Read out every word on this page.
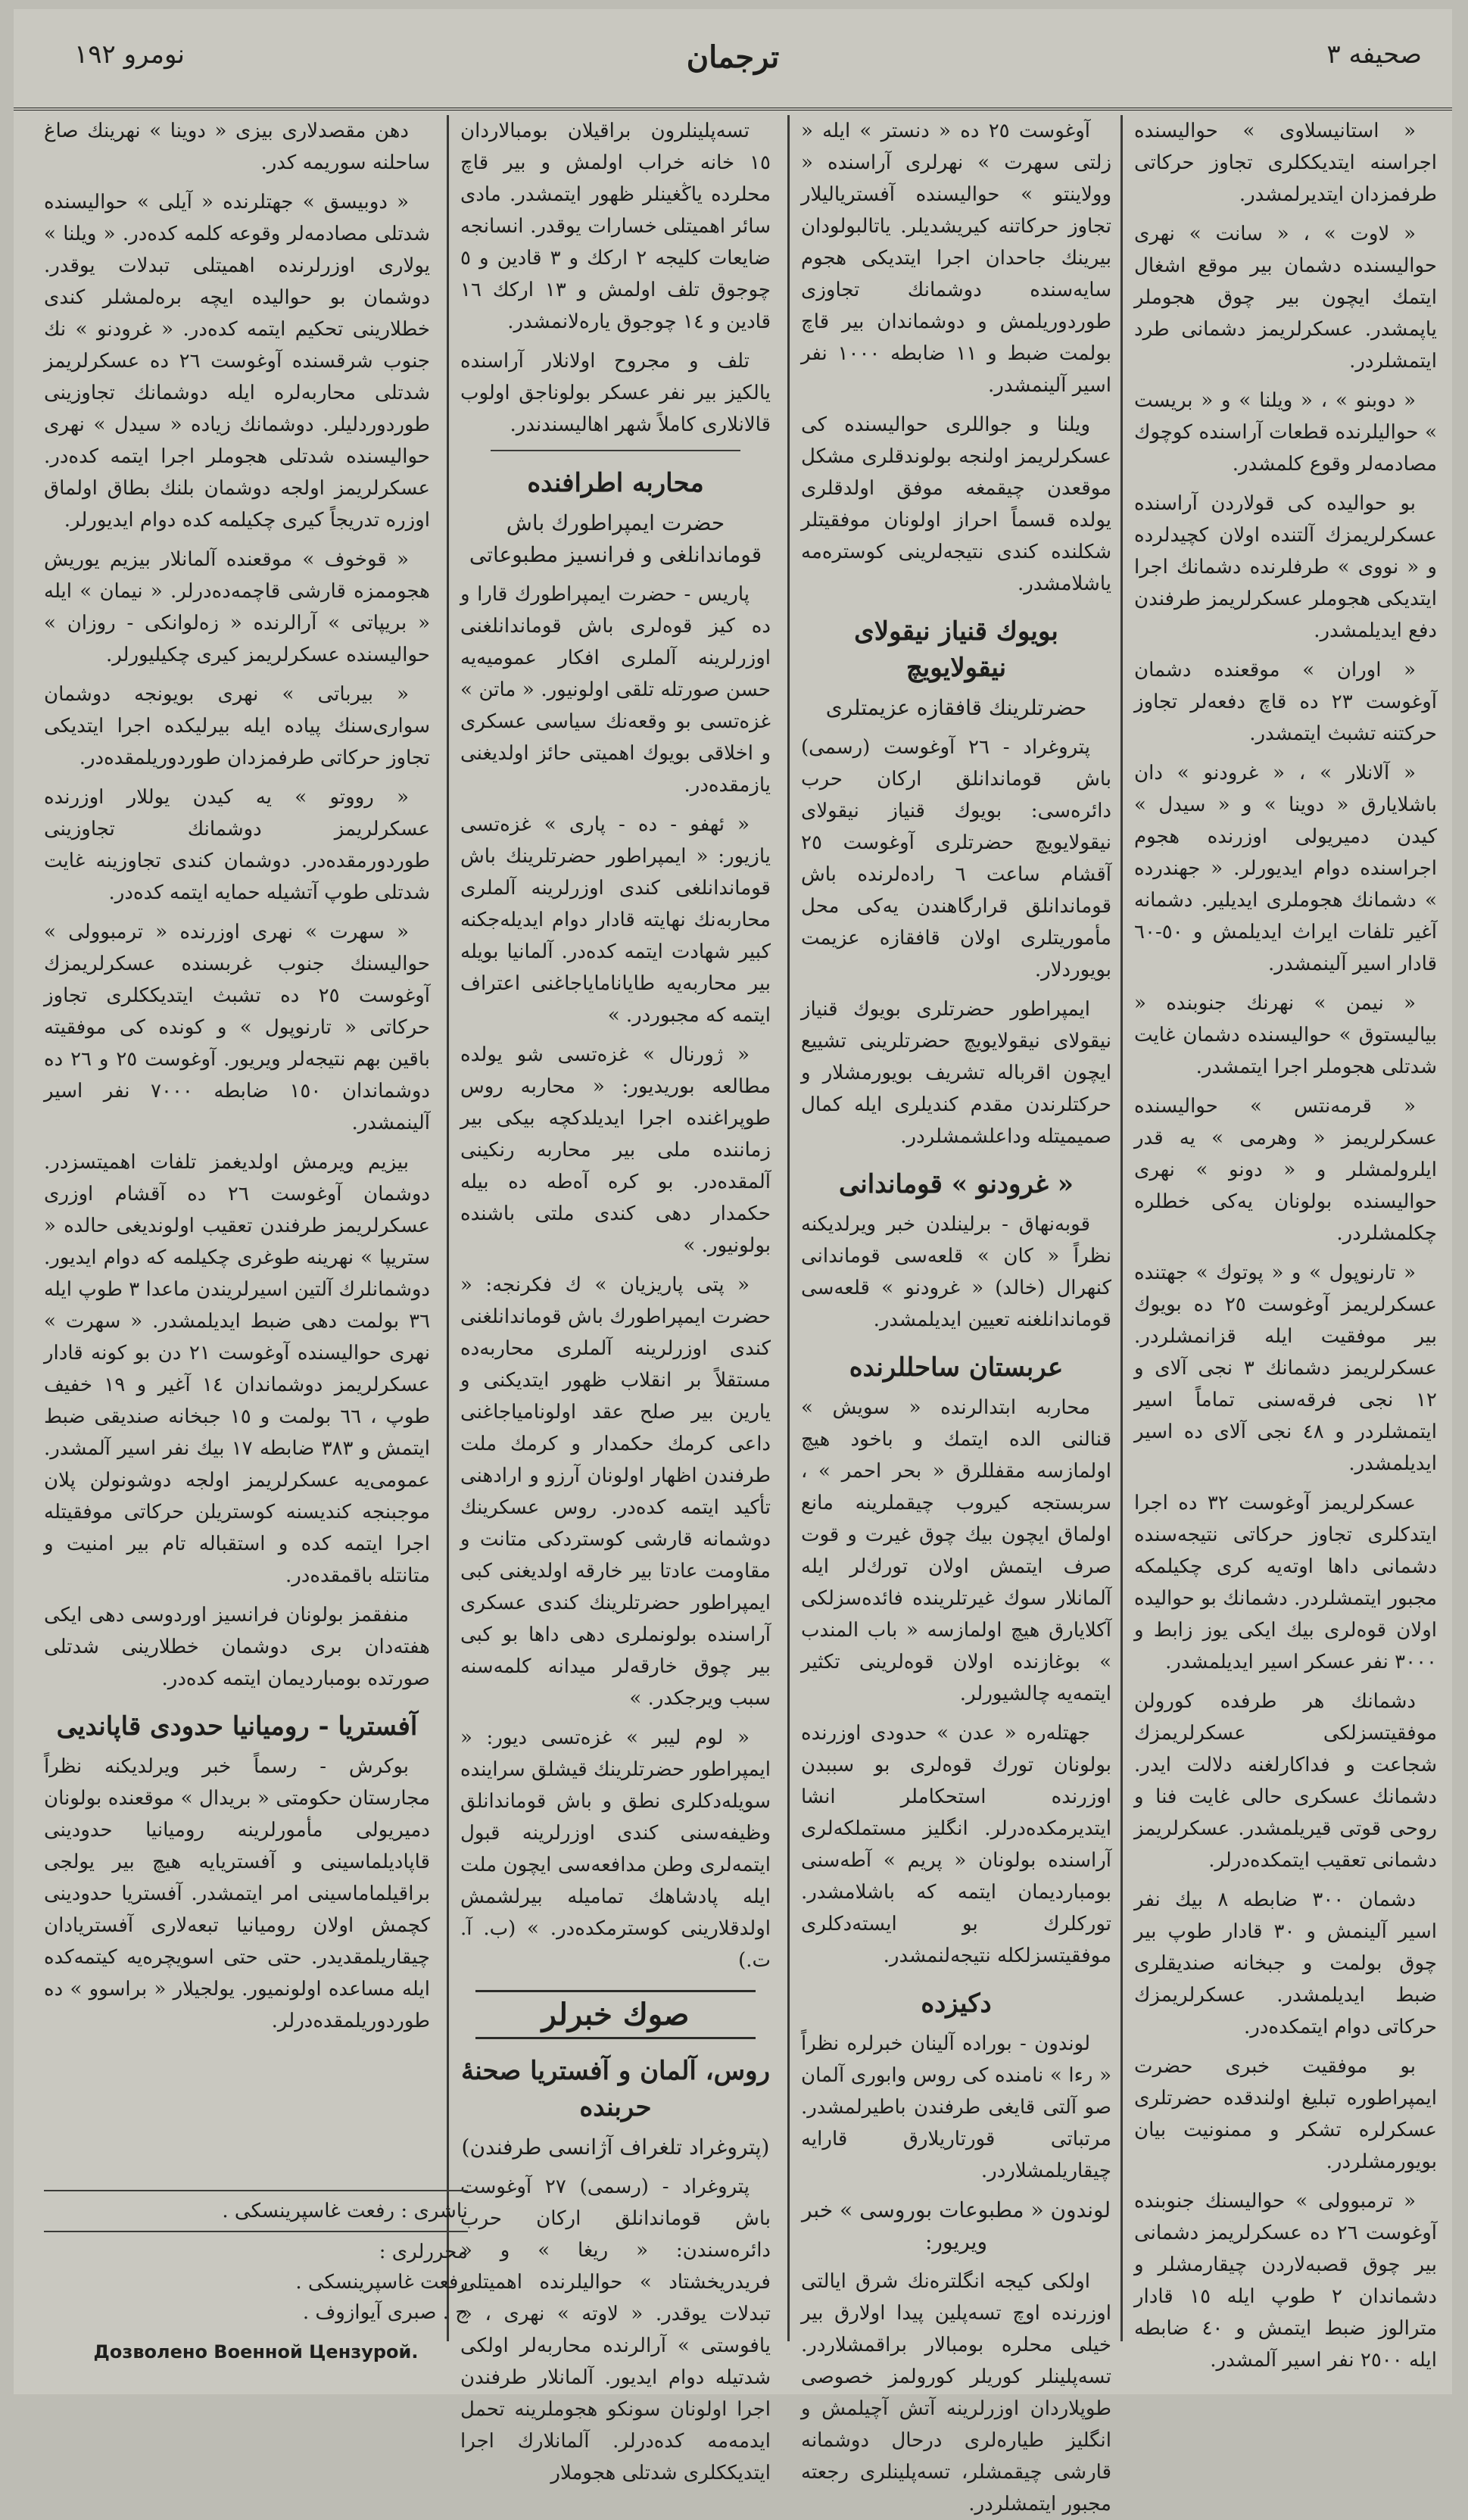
صحيفه ٣
ترجمان
نومرو ١٩٢

« استانيسلاوى » حواليسنده اجراسنه ايتديككلرى تجاوز حركاتى طرفمزدان ايتديرلمشدر.

« لاوت » ، « سانت » نهرى حواليسنده دشمان بير موقع اشغال ايتمك ايچون بير چوق هجوملر ياپمشدر. عسكرلريمز دشمانى طرد ايتمشلردر.

« دوبنو » ، « ويلنا » و « بريست » حواليلرنده قطعات آراسنده كوچوك مصادمه‌لر وقوع كلمشدر.

بو حواليده كى قولاردن آراسنده عسكرلريمزك آلتنده اولان كچيدلرده و « نووى » طرفلرنده دشمانك اجرا ايتديكى هجوملر عسكرلريمز طرفندن دفع ايديلمشدر.

« اوران » موقعنده دشمان آوغوست ٢٣ ده قاچ دفعه‌لر تجاوز حركتنه تشبث ايتمشدر.

« آلانلار » ، « غرودنو » دان باشلايارق « دوينا » و « سيدل » كيدن دميريولى اوزرنده هجوم اجراسنده دوام ايديورلر. « جهندرده » دشمانك هجوملرى ايديلير. دشمانه آغير تلفات ايراث ايديلمش و ٥٠-٦٠ قادار اسير آلينمشدر.

« نيمن » نهرنك جنوبنده « بياليستوق » حواليسنده دشمان غايت شدتلى هجوملر اجرا ايتمشدر.

« قرمه‌نتس » حواليسنده عسكرلريمز « وهرمى » يه قدر ايلرولمشلر و « دونو » نهرى حواليسنده بولونان يه‌كى خطلره چكلمشلردر.

« تارنوپول » و « پوتوك » جهتنده عسكرلريمز آوغوست ٢٥ ده بويوك بير موفقيت ايله قزانمشلردر. عسكرلريمز دشمانك ٣ نجى آلاى و ١٢ نجى فرقه‌سنى تماماً اسير ايتمشلردر و ٤٨ نجى آلاى ده اسير ايديلمشدر.

عسكرلريمز آوغوست ٣٢ ده اجرا ايتدكلرى تجاوز حركاتى نتيجه‌سنده دشمانى داها اوته‌يه كرى چكيلمكه مجبور ايتمشلردر. دشمانك بو حواليده اولان قوه‌لرى بيك ايكى يوز زابط و ٣٠٠٠ نفر عسكر اسير ايديلمشدر.

دشمانك هر طرفده كورولن موفقيتسزلكى عسكرلريمزك شجاعت و فداكارلغنه دلالت ايدر. دشمانك عسكرى حالى غايت فنا و روحى قوتى قيريلمشدر. عسكرلريمز دشمانى تعقيب ايتمكده‌درلر.

دشمان ٣٠٠ ضابطه ٨ بيك نفر اسير آلينمش و ٣٠ قادار طوپ بير چوق بولمت و جبخانه صنديقلرى ضبط ايديلمشدر. عسكرلريمزك حركاتى دوام ايتمكده‌در.

بو موفقيت خبرى حضرت ايمپراطوره تبليغ اولندقده حضرتلرى عسكرلره تشكر و ممنونيت بيان بويورمشلردر.

« ترمبوولى » حواليسنك جنوبنده آوغوست ٢٦ ده عسكرلريمز دشمانى بير چوق قصبه‌لاردن چيقارمشلر و دشماندان ٢ طوپ ايله ١٥ قادار مترالوز ضبط ايتمش و ٤٠ ضابطه ايله ٢٥٠٠ نفر اسير آلمشدر.

آوغوست ٢٥ ده « دنستر » ايله « زلتى سهرت » نهرلرى آراسنده « وولاينتو » حواليسنده آفسترياليلار تجاوز حركاتنه كيريشديلر. ياتالبولودان بيرينك جاحدان اجرا ايتديكى هجوم سايه‌سنده دوشمانك تجاوزى طوردوريلمش و دوشماندان بير قاچ بولمت ضبط و ١١ ضابطه ١٠٠٠ نفر اسير آلينمشدر.

ويلنا و جواللرى حواليسنده كى عسكرلريمز اولنجه بولوندقلرى مشكل موقعدن چيقمغه موفق اولدقلرى يولده قسماً احراز اولونان موفقيتلر شكلنده كندى نتيجه‌لرينى كوستره‌مه ياشلامشدر.

بويوك قنياز نيقولاى نيقولايويچ
حضرتلرينك قافقازه عزيمتلرى

پتروغراد - ٢٦ آوغوست (رسمى) باش قوماندانلق اركان حرب دائره‌سى: بويوك قنياز نيقولاى نيقولايويچ حضرتلرى آوغوست ٢٥ آقشام ساعت ٦ راده‌لرنده باش قوماندانلق قرارگاهندن يه‌كى محل مأموريتلرى اولان قافقازه عزيمت بويوردلار.

ايمپراطور حضرتلرى بويوك قنياز نيقولاى نيقولايويچ حضرتلرينى تشييع ايچون اقرباله تشريف بويورمشلار و حركتلرندن مقدم كنديلرى ايله كمال صميميتله وداعلشمشلردر.

« غرودنو » قوماندانى

قوبه‌نهاق - برلينلدن خبر ويرلديكنه نظراً « كان » قلعه‌سى قوماندانى كنهرال (خالد) « غرودنو » قلعه‌سى قوماندانلغنه تعيين ايديلمشدر.

عربستان ساحللرنده

محاربه ابتدالرنده « سويش » قنالنى الده ايتمك و باخود هيچ اولمازسه مقفللرق « بحر احمر » ، سربستجه كيروب چيقملرينه مانع اولماق ايچون بيك چوق غيرت و قوت صرف ايتمش اولان تورك‌لر ايله آلمانلار سوك غيرتلرينده فائده‌سزلكى آكلايارق هيچ اولمازسه « باب المندب » بوغازنده اولان قوه‌لرينى تكثير ايتمه‌يه چالشيورلر.

جهتله‌ره « عدن » حدودى اوزرنده بولونان تورك قوه‌لرى بو سببدن اوزرنده استحكاملر انشا ايتديرمكده‌درلر. انگليز مستملكه‌لرى آراسنده بولونان « پريم » آطه‌سنى بومبارديمان ايتمه كه باشلامشدر. توركلرك بو ايسته‌دكلرى موفقيتسزلكله نتيجه‌لنمشدر.

دكيزده

لوندون - بوراده آلينان خبرلره نظراً « رءا » نامنده كى روس وابورى آلمان صو آلتى قايغى طرفندن باطيرلمشدر. مرتباتى قورتاريلارق قارايه چيقاريلمشلاردر.

لوندون « مطبوعات بوروسى » خبر ويريور:

اولكى كيجه انگلتره‌نك شرق ايالتى اوزرنده اوچ تسه‌پلين پيدا اولارق بير خيلى محلره بومبالار براقمشلاردر. تسه‌پلينلر كوريلر كورولمز خصوصى طوپلاردان اوزرلرينه آتش آچيلمش و انگليز طياره‌لرى درحال دوشمانه قارشى چيقمشلر، تسه‌پلينلرى رجعته مجبور ايتمشلردر.

تسه‌پلينلرون براقيلان بومبالاردان ١٥ خانه خراب اولمش و بير قاچ محلرده ياڭغينلر ظهور ايتمشدر. مادى سائر اهميتلى خسارات يوقدر. انسانجه ضايعات كليجه ٢ اركك و ٣ قادين و ٥ چوجوق تلف اولمش و ١٣ اركك ١٦ قادين و ١٤ چوجوق ياره‌لانمشدر.

تلف و مجروح اولانلار آراسنده يالكيز بير نفر عسكر بولوناجق اولوب قالانلارى كاملاً شهر اهاليسندندر.

محاربه اطرافنده
حضرت ايمپراطورك باش قوماندانلغى و فرانسيز مطبوعاتى

پاريس - حضرت ايمپراطورك قارا و ده كيز قوه‌لرى باش قوماندانلغنى اوزرلرينه آلملرى افكار عموميه‌يه حسن صورتله تلقى اولونيور. « ماتن » غزه‌تسى بو وقعه‌نك سياسى عسكرى و اخلاقى بويوك اهميتى حائز اولديغنى يازمقده‌در.

« ئهفو - ده - پارى » غزه‌تسى يازيور: « ايمپراطور حضرتلرينك باش قوماندانلغى كندى اوزرلرينه آلملرى محاربه‌نك نهايته قادار دوام ايديله‌جكنه كبير شهادت ايتمه كده‌در. آلمانيا بويله بير محاربه‌يه طاياناماياجاغنى اعتراف ايتمه كه مجبوردر. »

« ژورنال » غزه‌تسى شو يولده مطالعه بوريديور: « محاربه روس طوپراغنده اجرا ايديلدكچه بيكى بير زماننده ملى بير محاربه رنكينى آلمقده‌در. بو كره آه‌طه ده بيله حكمدار دهى كندى ملتى باشنده بولونيور. »

« پتى پاريزيان » ك فكرنجه: « حضرت ايمپراطورك باش قوماندانلغنى كندى اوزرلرينه آلملرى محاربه‌ده مستقلاً بر انقلاب ظهور ايتديكنى و يارين بير صلح عقد اولونامياجاغنى داعى كرمك حكمدار و كرمك ملت طرفندن اظهار اولونان آرزو و ارادهنى تأكيد ايتمه كده‌در. روس عسكرينك دوشمانه قارشى كوستردكى متانت و مقاومت عادتا بير خارقه اولديغنى كبى ايمپراطور حضرتلرينك كندى عسكرى آراسنده بولونملرى دهى داها بو كبى بير چوق خارقه‌لر ميدانه كلمه‌سنه سبب ويرجكدر. »

« لوم ليبر » غزه‌تسى ديور: « ايمپراطور حضرتلرينك قيشلق سراينده سويله‌دكلرى نطق و باش قوماندانلق وظيفه‌سنى كندى اوزرلرينه قبول ايتمه‌لرى وطن مدافعه‌سى ايچون ملت ايله پادشاهك تماميله بيرلشمش اولدقلارينى كوسترمكده‌در. » (ب. آ. ت.)

صوك خبرلر
روس، آلمان و آفستريا صحنهٔ حربنده
(پتروغراد تلغراف آژانسى طرفندن)

پتروغراد - (رسمى) ٢٧ آوغوست باش قوماندانلق اركان حرب دائره‌سندن: « ريغا » و « فريدريخشتاد » حواليلرنده اهميتلى تبدلات يوقدر. « لاوته » نهرى ، « يافوستى » آرالرنده محاربه‌لر اولكى شدتيله دوام ايديور. آلمانلار طرفندن اجرا اولونان سونكو هجوملرينه تحمل ايدمه‌مه كده‌درلر. آلمانلارك اجرا ايتديككلرى شدتلى هجوملار

دهن مقصدلارى بيزى « دوينا » نهرينك صاغ ساحلنه سوريمه كدر.

« دوبيسق » جهتلرنده « آيلى » حواليسنده شدتلى مصادمه‌لر وقوعه كلمه كده‌در. « ويلنا » يولارى اوزرلرنده اهميتلى تبدلات يوقدر. دوشمان بو حواليده ايچه بره‌لمشلر كندى خطلارينى تحكيم ايتمه كده‌در. « غرودنو » نك جنوب شرقسنده آوغوست ٢٦ ده عسكرلريمز شدتلى محاربه‌لره ايله دوشمانك تجاوزينى طوردوردليلر. دوشمانك زياده « سيدل » نهرى حواليسنده شدتلى هجوملر اجرا ايتمه كده‌در. عسكرلريمز اولجه دوشمان بلنك بطاق اولماق اوزره تدريجاً كيرى چكيلمه كده دوام ايديورلر.

« قوخوف » موقعنده آلمانلار بيزيم يوريش هجوممزه قارشى قاچمه‌ده‌درلر. « نيمان » ايله « بريپاتى » آرالرنده « زه‌لوانكى - روزان » حواليسنده عسكرلريمز كيرى چكيليورلر.

« بيرباتى » نهرى بويونجه دوشمان سوارى‌سنك پياده ايله بيرليكده اجرا ايتديكى تجاوز حركاتى طرفمزدان طوردوريلمقده‌در.

« رووتو » يه كيدن يوللار اوزرنده عسكرلريمز دوشمانك تجاوزينى طوردورمقده‌در. دوشمان كندى تجاوزينه غايت شدتلى طوپ آتشيله حمايه ايتمه كده‌در.

« سهرت » نهرى اوزرنده « ترمبوولى » حواليسنك جنوب غربسنده عسكرلريمزك آوغوست ٢٥ ده تشبث ايتديككلرى تجاوز حركاتى « تارنوپول » و كونده كى موفقيته باقين بهم نتيجه‌لر ويريور. آوغوست ٢٥ و ٢٦ ده دوشماندان ١٥٠ ضابطه ٧٠٠٠ نفر اسير آلينمشدر.

بيزيم ويرمش اولديغمز تلفات اهميتسزدر. دوشمان آوغوست ٢٦ ده آقشام اوزرى عسكرلريمز طرفندن تعقيب اولونديغى حالده « ستريپا » نهرينه طوغرى چكيلمه كه دوام ايديور. دوشمانلرك آلتين اسيرلريندن ماعدا ٣ طوپ ايله ٣٦ بولمت دهى ضبط ايديلمشدر. « سهرت » نهرى حواليسنده آوغوست ٢١ دن بو كونه قادار عسكرلريمز دوشماندان ١٤ آغير و ١٩ خفيف طوپ ، ٦٦ بولمت و ١٥ جبخانه صنديقى ضبط ايتمش و ٣٨٣ ضابطه ١٧ بيك نفر اسير آلمشدر. عمومى‌يه عسكرلريمز اولجه دوشونولن پلان موجبنجه كنديسنه كوستريلن حركاتى موفقيتله اجرا ايتمه كده و استقباله تام بير امنيت و متانتله باقمقده‌در.

منفقمز بولونان فرانسيز اوردوسى دهى ايكى هفته‌دان برى دوشمان خطلارينى شدتلى صورتده بومبارديمان ايتمه كده‌در.

آفستريا - روميانيا حدودى قاپانديى

بوكرش - رسماً خبر ويرلديكنه نظراً مجارستان حكومتى « بريدال » موقعنده بولونان دميريولى مأمورلرينه روميانيا حدودينى قاپاديلماسينى و آفستريايه هيچ بير يولجى براقيلماماسينى امر ايتمشدر. آفستريا حدودينى كچمش اولان روميانيا تبعه‌لارى آفستريادان چيقاريلمقديدر. حتى حتى اسويچره‌يه كيتمه‌كده ايله مساعده اولونميور. يولجيلار « براسوو » ده طوردوريلمقده‌درلر.

ناشرى : رفعت غاسپرينسكى .
محررلرى :
رفعت غاسپرينسكى .
ح . صبرى آيوازوف .
Дозволено Военной Цензурой.
